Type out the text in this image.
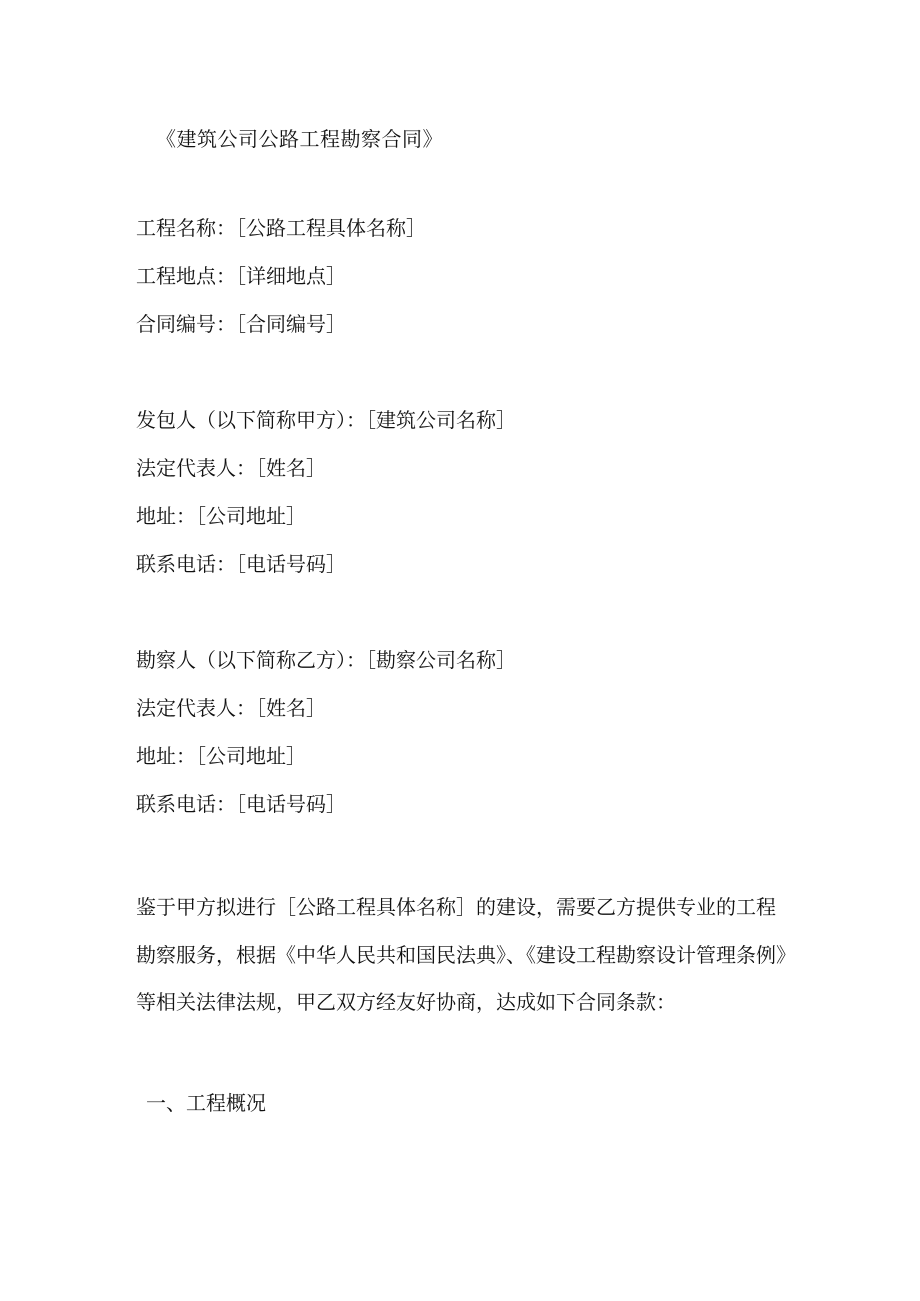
《建筑公司公路工程勘察合同》
工程名称：［公路工程具体名称］
工程地点：［详细地点］
合同编号：［合同编号］
发包人（以下简称甲方）：［建筑公司名称］
法定代表人：［姓名］
地址：［公司地址］
联系电话：［电话号码］
勘察人（以下简称乙方）：［勘察公司名称］
法定代表人：［姓名］
地址：［公司地址］
联系电话：［电话号码］
鉴于甲方拟进行［公路工程具体名称］的建设，需要乙方提供专业的工程勘察服务，根据《中华人民共和国民法典》、《建设工程勘察设计管理条例》等相关法律法规，甲乙双方经友好协商，达成如下合同条款：
一、工程概况
